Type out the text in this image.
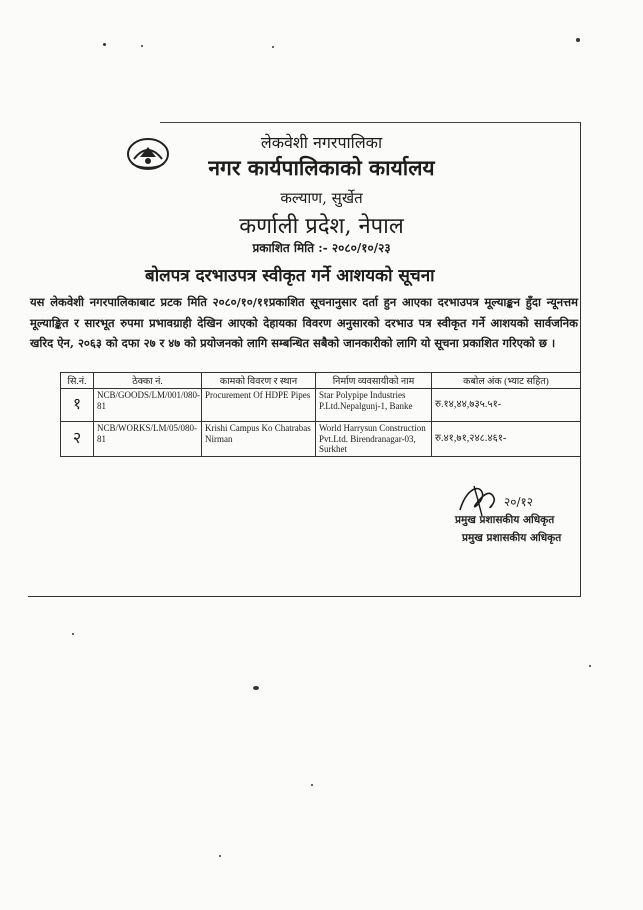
लेकवेशी नगरपालिका
नगर कार्यपालिकाको कार्यालय
कल्याण, सुर्खेत
कर्णाली प्रदेश, नेपाल
प्रकाशित मिति :- २०८०/१०/२३
बोलपत्र दरभाउपत्र स्वीकृत गर्ने आशयको सूचना
यस लेकवेशी नगरपालिकाबाट प्रटक मिति २०८०/१०/११प्रकाशित सूचनानुसार दर्ता हुन आएका दरभाउपत्र मूल्याङ्कन हुँदा न्यूनत्तम मूल्याङ्कित र सारभूत रुपमा प्रभावग्राही देखिन आएको देहायका विवरण अनुसारको दरभाउ पत्र स्वीकृत गर्ने आशयको सार्वजनिक खरिद ऐन, २०६३ को दफा २७ र ४७ को प्रयोजनको लागि सम्बन्धित सबैको जानकारीको लागि यो सूचना प्रकाशित गरिएको छ ।
सि.नं.	ठेक्का नं.	कामको विवरण र स्थान	निर्माण व्यवसायीको नाम	कबोल अंक (भ्याट सहित)
१	NCB/GOODS/LM/001/080-81	Procurement Of HDPE Pipes	Star Polypipe Industries P.Ltd.Nepalgunj-1, Banke	रु.१४,४४,७३५.५१-
२	NCB/WORKS/LM/05/080-81	Krishi Campus Ko Chatrabas Nirman	World Harrysun Construction Pvt.Ltd. Birendranagar-03, Surkhet	रु.४१,७१,२४८.४६१-
२०/१२
प्रमुख प्रशासकीय अधिकृत
प्रमुख प्रशासकीय अधिकृत
